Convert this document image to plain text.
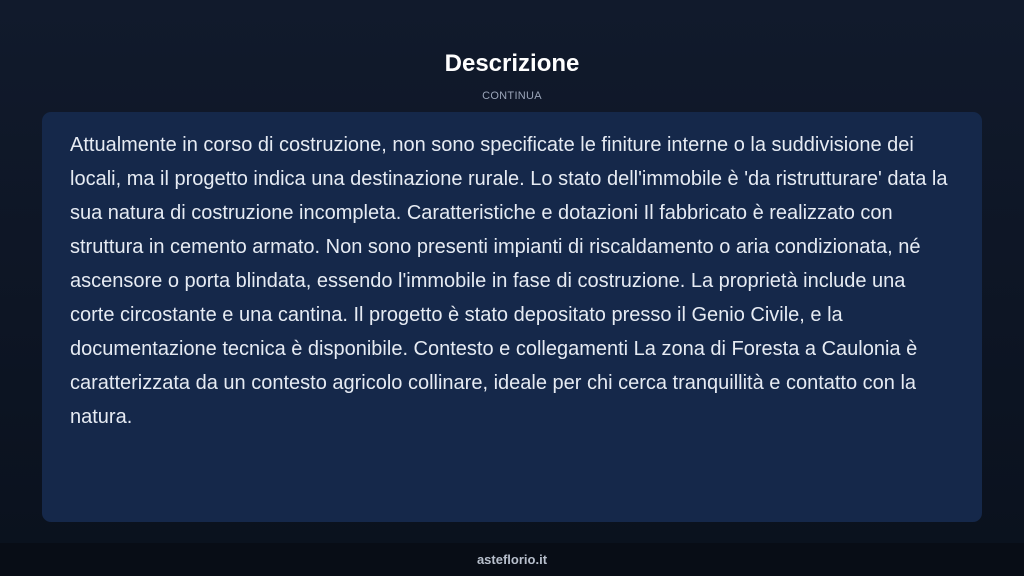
Descrizione
CONTINUA

Attualmente in corso di costruzione, non sono specificate le finiture interne o la suddivisione dei locali, ma il progetto indica una destinazione rurale. Lo stato dell'immobile è 'da ristrutturare' data la sua natura di costruzione incompleta. Caratteristiche e dotazioni Il fabbricato è realizzato con struttura in cemento armato. Non sono presenti impianti di riscaldamento o aria condizionata, né ascensore o porta blindata, essendo l'immobile in fase di costruzione. La proprietà include una corte circostante e una cantina. Il progetto è stato depositato presso il Genio Civile, e la documentazione tecnica è disponibile. Contesto e collegamenti La zona di Foresta a Caulonia è caratterizzata da un contesto agricolo collinare, ideale per chi cerca tranquillità e contatto con la natura.

asteflorio.it
